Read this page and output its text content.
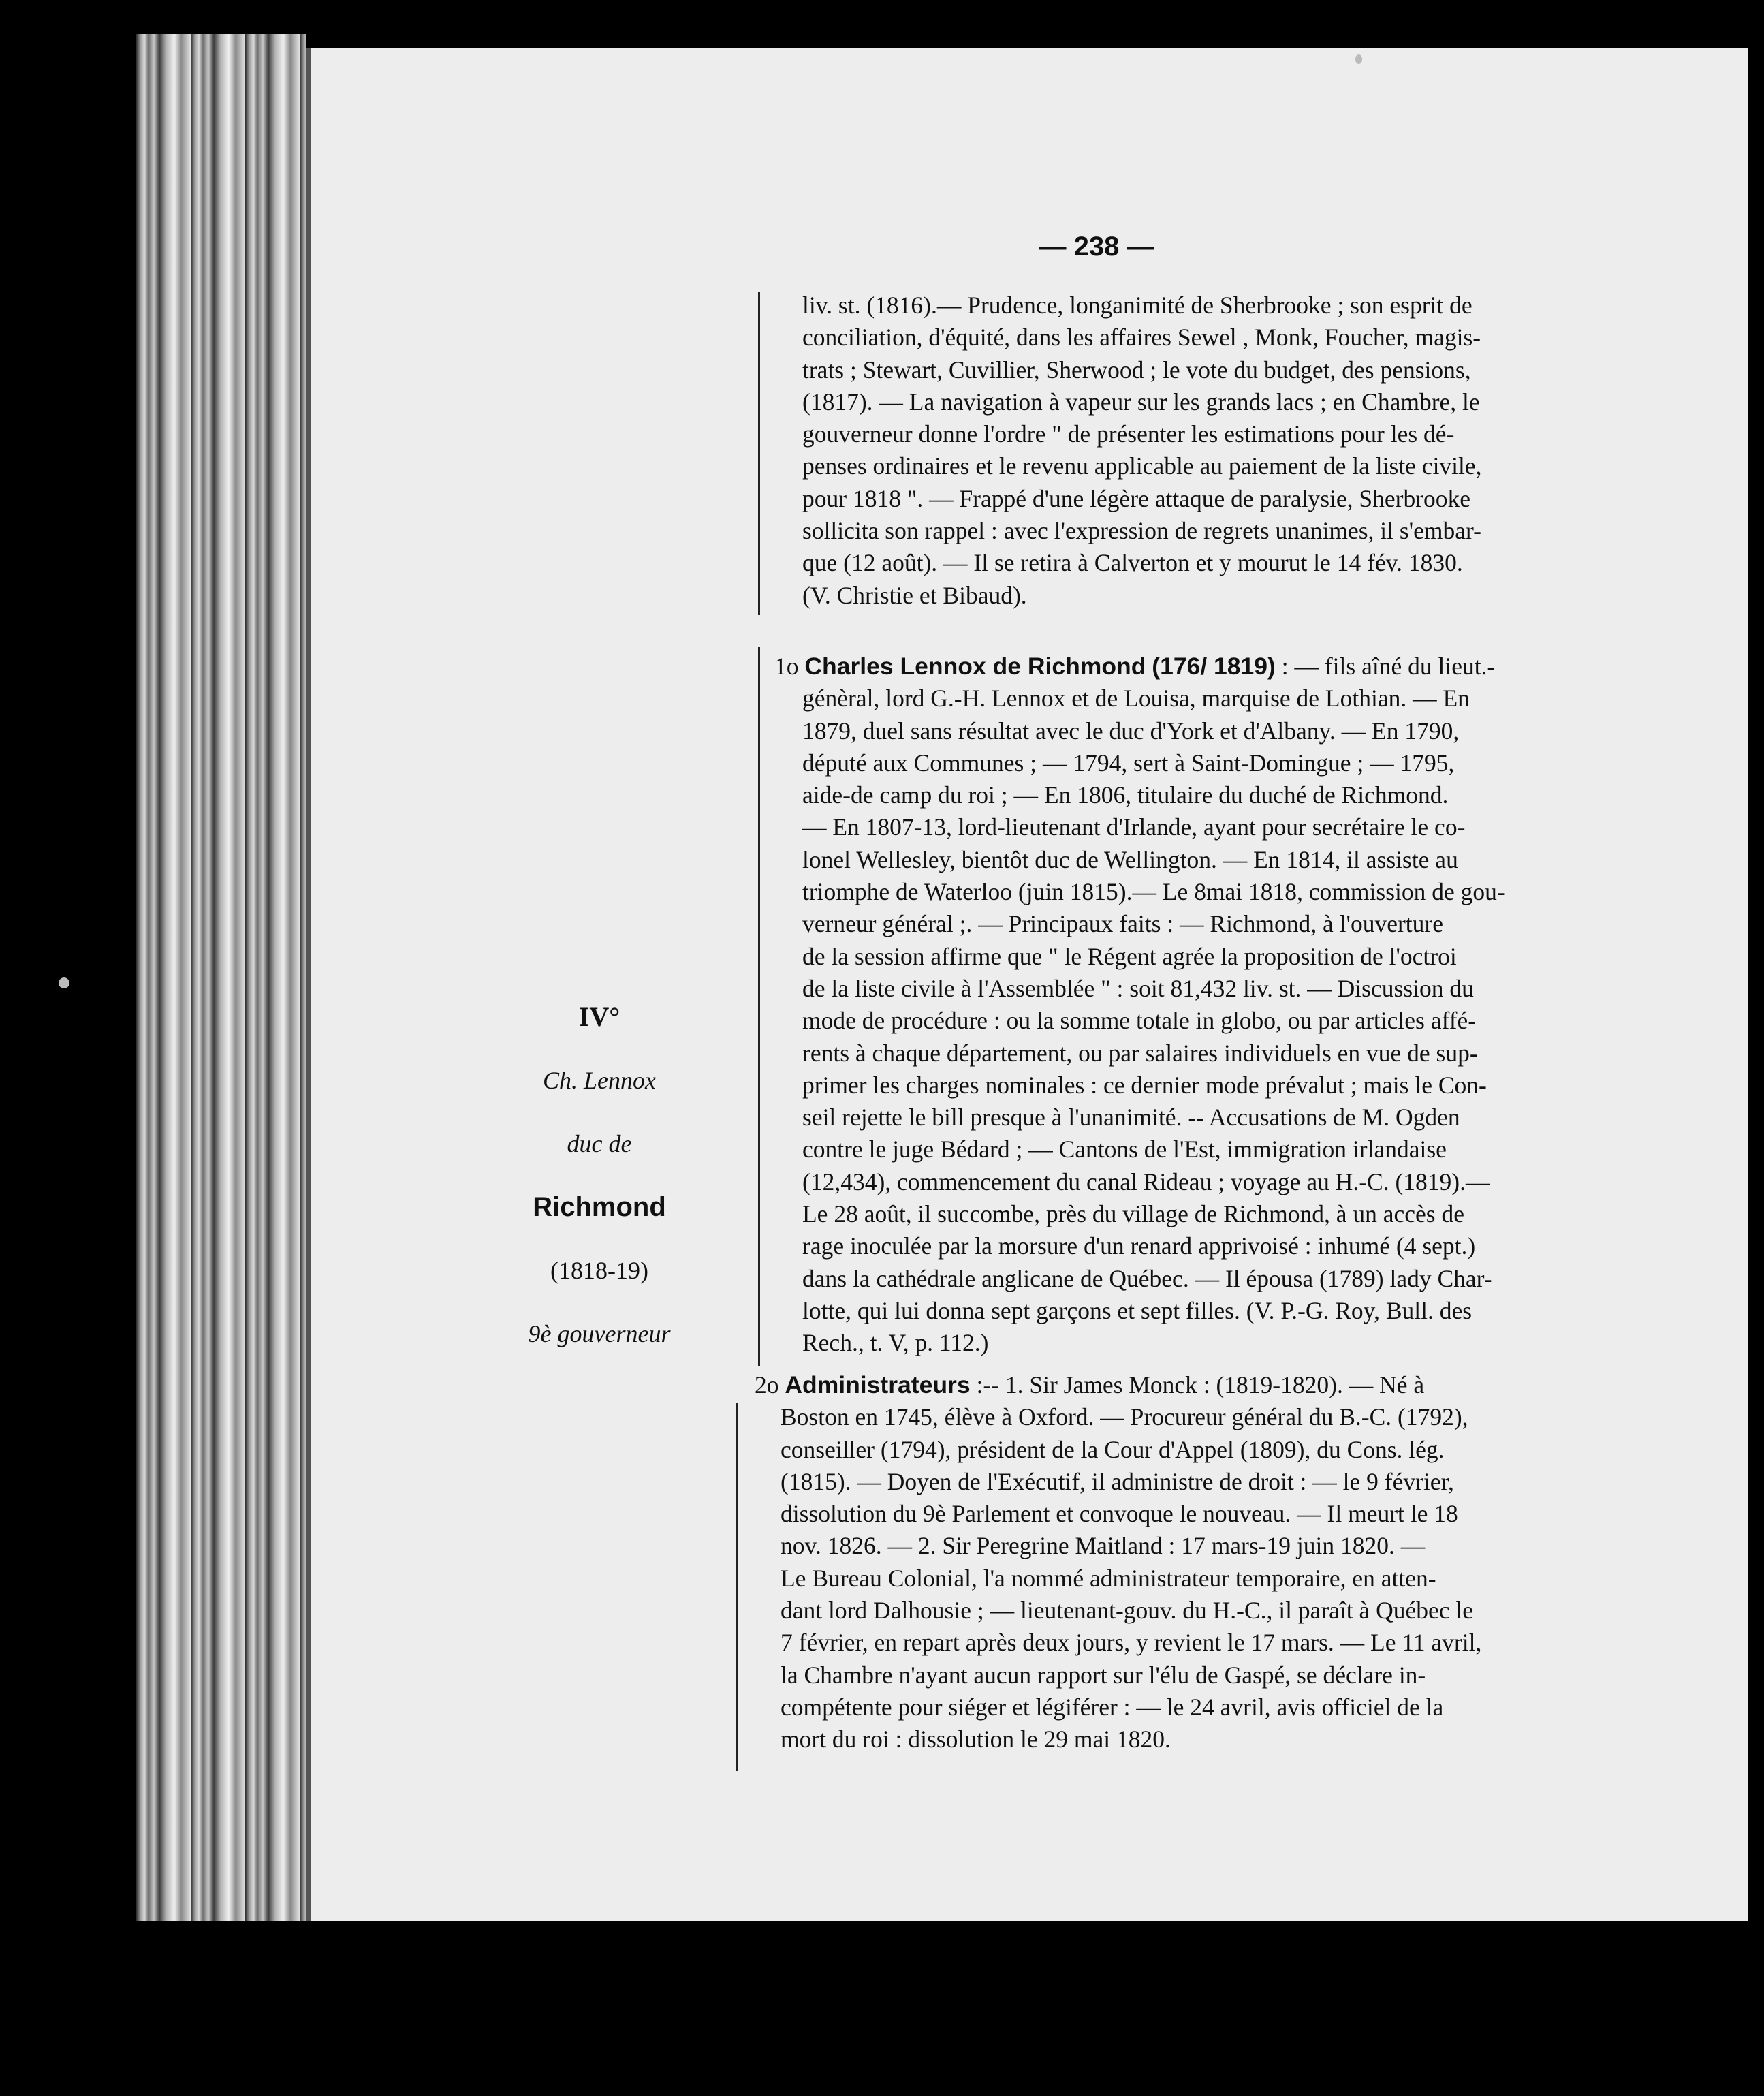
— 238 —

liv. st. (1816).— Prudence, longanimité de Sherbrooke ; son esprit de

conciliation, d'équité, dans les affaires Sewel , Monk, Foucher, magis-

trats ; Stewart, Cuvillier, Sherwood ; le vote du budget, des pensions,

(1817). — La navigation à vapeur sur les grands lacs ; en Chambre, le

gouverneur donne l'ordre " de présenter les estimations pour les dé-

penses ordinaires et le revenu applicable au paiement de la liste civile,

pour 1818 ". — Frappé d'une légère attaque de paralysie, Sherbrooke

sollicita son rappel : avec l'expression de regrets unanimes, il s'embar-

que (12 août). — Il se retira à Calverton et y mourut le 14 fév. 1830.

(V. Christie et Bibaud).

IV°
Ch. Lennox
duc de
Richmond
(1818-19)
9è gouverneur

1o Charles Lennox de Richmond (176/ 1819) : — fils aîné du lieut.-

génèral, lord G.-H. Lennox et de Louisa, marquise de Lothian. — En

1879, duel sans résultat avec le duc d'York et d'Albany. — En 1790,

député aux Communes ; — 1794, sert à Saint-Domingue ; — 1795,

aide-de camp du roi ; — En 1806, titulaire du duché de Richmond.

— En 1807-13, lord-lieutenant d'Irlande, ayant pour secrétaire le co-

lonel Wellesley, bientôt duc de Wellington. — En 1814, il assiste au

triomphe de Waterloo (juin 1815).— Le 8mai 1818, commission de gou-

verneur général ;. — Principaux faits : — Richmond, à l'ouverture

de la session affirme que " le Régent agrée la proposition de l'octroi

de la liste civile à l'Assemblée " : soit 81,432 liv. st. — Discussion du

mode de procédure : ou la somme totale in globo, ou par articles affé-

rents à chaque département, ou par salaires individuels en vue de sup-

primer les charges nominales : ce dernier mode prévalut ; mais le Con-

seil rejette le bill presque à l'unanimité. -- Accusations de M. Ogden

contre le juge Bédard ; — Cantons de l'Est, immigration irlandaise

(12,434), commencement du canal Rideau ; voyage au H.-C. (1819).—

Le 28 août, il succombe, près du village de Richmond, à un accès de

rage inoculée par la morsure d'un renard apprivoisé : inhumé (4 sept.)

dans la cathédrale anglicane de Québec. — Il épousa (1789) lady Char-

lotte, qui lui donna sept garçons et sept filles. (V. P.-G. Roy, Bull. des

Rech., t. V, p. 112.)

2o Administrateurs :-- 1. Sir James Monck : (1819-1820). — Né à

Boston en 1745, élève à Oxford. — Procureur général du B.-C. (1792),

conseiller (1794), président de la Cour d'Appel (1809), du Cons. lég.

(1815). — Doyen de l'Exécutif, il administre de droit : — le 9 février,

dissolution du 9è Parlement et convoque le nouveau. — Il meurt le 18

nov. 1826. — 2. Sir Peregrine Maitland : 17 mars-19 juin 1820. —

Le Bureau Colonial, l'a nommé administrateur temporaire, en atten-

dant lord Dalhousie ; — lieutenant-gouv. du H.-C., il paraît à Québec le

7 février, en repart après deux jours, y revient le 17 mars. — Le 11 avril,

la Chambre n'ayant aucun rapport sur l'élu de Gaspé, se déclare in-

compétente pour siéger et légiférer : — le 24 avril, avis officiel de la

mort du roi : dissolution le 29 mai 1820.
